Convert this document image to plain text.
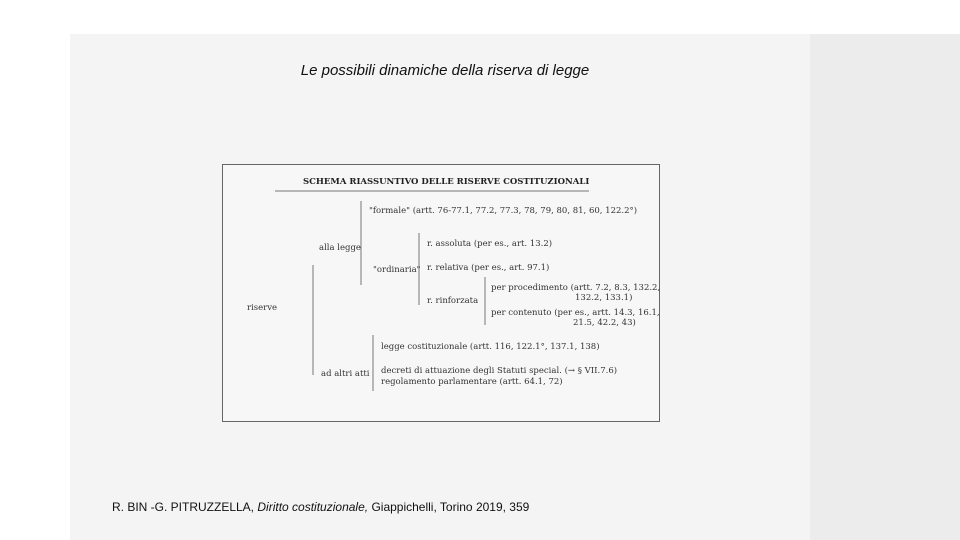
Le possibili dinamiche della riserva di legge
SCHEMA RIASSUNTIVO DELLE RISERVE COSTITUZIONALI
riserve
alla legge
ad altri atti
"formale" (artt. 76-77.1, 77.2, 77.3, 78, 79, 80, 81, 60, 122.2°)
"ordinaria"
r. assoluta (per es., art. 13.2)
r. relativa (per es., art. 97.1)
r. rinforzata
per procedimento (artt. 7.2, 8.3, 132.2,
132.2, 133.1)
per contenuto (per es., artt. 14.3, 16.1,
21.5, 42.2, 43)
legge costituzionale (artt. 116, 122.1°, 137.1, 138)
decreti di attuazione degli Statuti special. (→ § VII.7.6)
regolamento parlamentare (artt. 64.1, 72)
R. BIN -G. PITRUZZELLA, Diritto costituzionale, Giappichelli, Torino 2019, 359
